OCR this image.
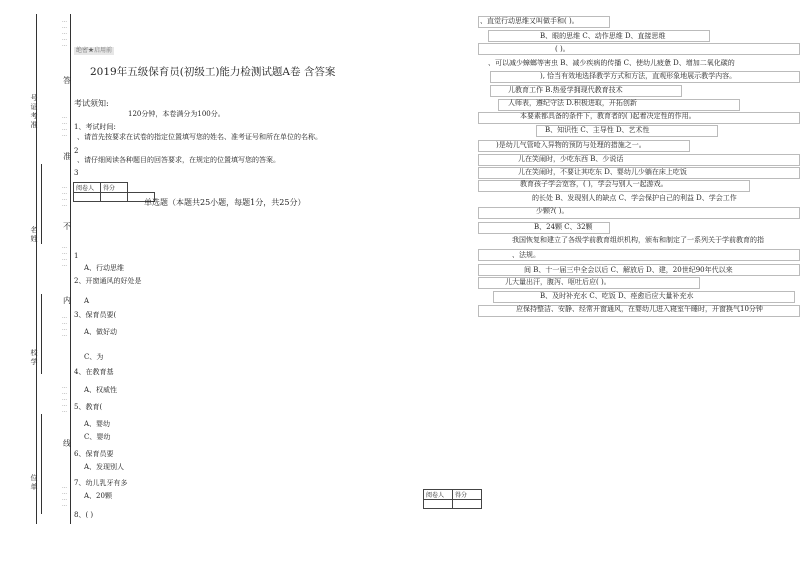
…
…
…
…
…
答
号证考准
…
…
…
…
准
…
…
…
…
不
名姓
…
…
…
…
内
…
…
…
…
校学
…
…
…
…
…
线
位单	…
…
…
…
绝密★启用前
2019年五级保育员(初级工)能力检测试题A卷 含答案
考试须知:
120分钟，本卷满分为100分。
1、考试时间:
、请首先按要求在试卷的指定位置填写您的姓名、准考证号和所在单位的名称。
2
、请仔细阅读各种题目的回答要求，在规定的位置填写您的答案。
3
阅卷人	得分	

单选题（本题共25小题，每题1分，共25分）
1
A、行动思维
2、开窗通风的好处是
A
3、保育员要(
A、做好动
C、为
4、在教育基
A、权威性
5、教育(
A、婴幼
C、婴幼
6、保育员要
A、发现别人
7、幼儿乳牙有多
A、20颗
8、( )
阅卷人	得分

、直觉行动思维又叫做手和( )。
B、眼的思维 C、动作思维 D、直接思维
( )。
、可以减少蟑螂等害虫 B、减少疾病的传播 C、使幼儿疲惫 D、增加二氧化碳的
), 恰当有效地选择教学方式和方法，直观形象地展示教学内容。
儿教育工作 B.热爱学拥现代教育技术
人师表，遵纪守法 D.积极进取，开拓创新
本要素都具备的条件下，教育者的( )起着决定性的作用。
B、知识性 C、主导性 D、艺术性
)是幼儿气管呛入异物的预防与处理的措施之一。
儿在笑闹时，少吃东西 B、少说话
儿在笑闹时，不要让其吃东 D、婴幼儿少躺在床上吃饭
教育孩子学会宽容，( )，学会与别人一起游戏。
的长处 B、发现别人的缺点 C、学会保护自己的利益 D、学会工作
少颗?( )。
B、24颗 C、32颗
我国恢复和建立了各级学前教育组织机构，颁布和制定了一系列关于学前教育的指
、法规。
间 B、十一届三中全会以后 C、解放后 D、建，20世纪90年代以来
儿大量出汗，腹泻、呕吐后应( )。
B、及时补充水 C、吃饭 D、痊愈后应大量补充水
应保持整洁、安静、经常开窗通风，在婴幼儿进入寝室午睡时，开窗换气10分钟
